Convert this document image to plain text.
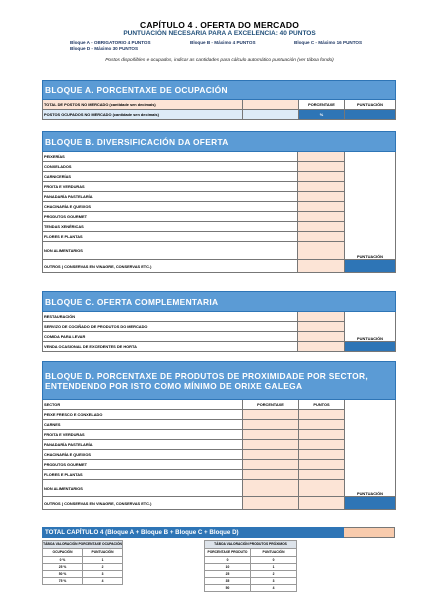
CAPÍTULO 4 . OFERTA DO MERCADO
PUNTUACIÓN NECESARIA PARA A EXCELENCIA: 40 PUNTOS
Bloque A - OBRIGATORIO 4 PUNTOS	Bloque B - Máximo 4 PUNTOS	Bloque C - Máximo 16 PUNTOS
Bloque D - Máximo 30 PUNTOS
Postos dispoñibles e ocupados, indicar as cantidades para cálculo automático puntuación (ver táboa fondo)
BLOQUE A. PORCENTAXE DE OCUPACIÓN			
TOTAL DE POSTOS NO MERCADO (cantidade sen decimais)		PORCENTAXE	PUNTUACIÓN
POSTOS OCUPADOS NO MERCADO (cantidade sen decimais)		%	
BLOQUE B. DIVERSIFICACIÓN DA OFERTA		
PEIXERÍAS		PUNTUACIÓN
CONXELADOS		
CARNICERÍAS		
FROITA E VERDURAS		
PANADARÍA PASTELARÍA		
CHACINARÍA E QUEIXOS		
PRODUTOS GOURMET		
TENDAS XENÉRICAS		
FLORES E PLANTAS		
NON ALIMENTARIOS		
OUTROS ( CONSERVAS EN VINAGRE, CONSERVAS ETC.)		
BLOQUE C. OFERTA COMPLEMENTARIA		
RESTAURACIÓN		PUNTUACIÓN
SERVIZO DE COCIÑADO DE PRODUTOS DO MERCADO		
COMIDA PARA LEVAR		
VENDA OCASIONAL DE EXCEDENTES DE HORTA		
BLOQUE D. PORCENTAXE DE PRODUTOS DE PROXIMIDADE POR SECTOR, ENTENDENDO POR ISTO COMO MÍNIMO DE ORIXE GALEGA			
SECTOR	PORCENTAXE	PUNTOS	PUNTUACIÓN
PEIXE FRESCO E CONXELADO			
CARNES			
FROITA E VERDURAS			
PANADARÍA PASTELARÍA			
CHACINARÍA E QUEIXOS			
PRODUTOS GOURMET			
FLORES E PLANTAS			
NON ALIMENTARIOS			
OUTROS ( CONSERVAS EN VINAGRE, CONSERVAS ETC.)			
TOTAL CAPÍTULO 4 (Bloque A + Bloque B + Bloque C + Bloque D)	
TÁBOA VALORACIÓN PORCENTAXE OCUPACIÓN	
OCUPACIÓN	PUNTUACIÓN
0 %	1
25 %	2
50 %	3
75 %	4
TÁBOA VALORACIÓN PRODUTOS PRÓXIMOS	
PORCENTAXE PRODUTO	PUNTUACIÓN
0	0
10	1
25	2
35	3
50	4
